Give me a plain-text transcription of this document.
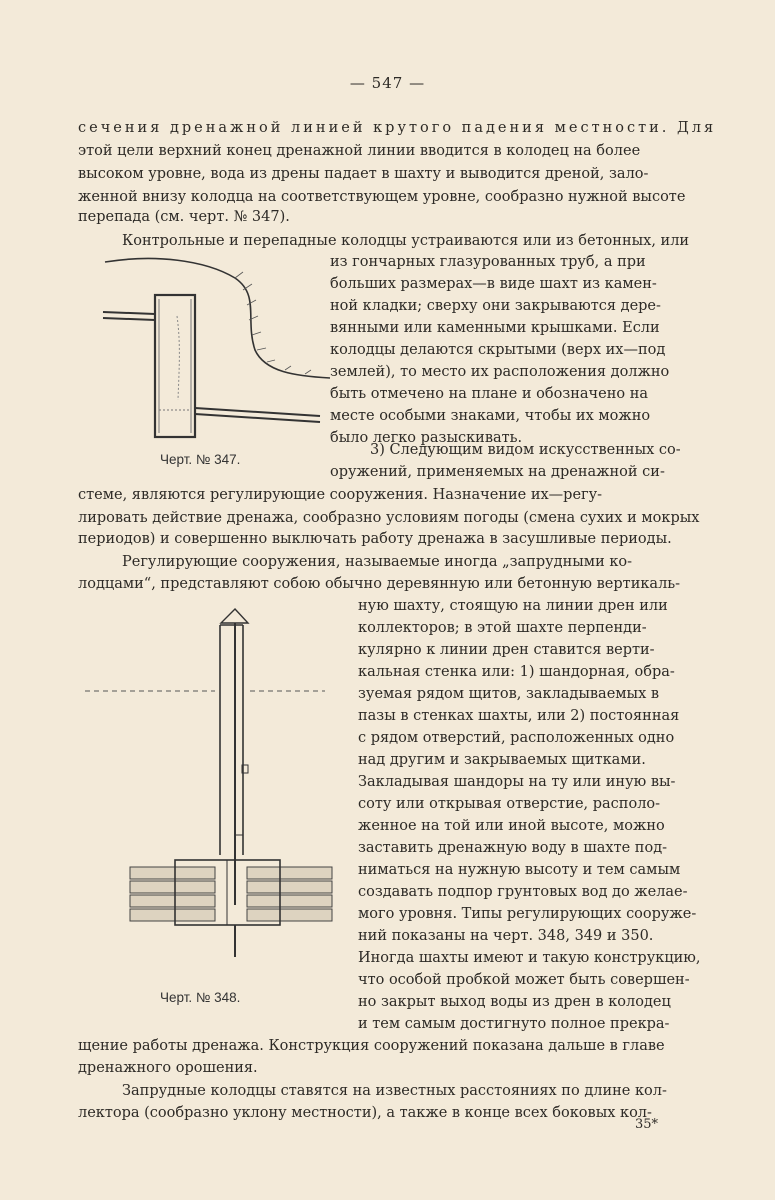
— 547 —
сечения дренажной линией крутого падения местности. Для
этой цели верхний конец дренажной линии вводится в колодец на более
высоком уровне, вода из дрены падает в шахту и выводится дреной, зало-
женной внизу колодца на соответствующем уровне, сообразно нужной высоте
перепада (см. черт. № 347).
Контрольные и перепадные колодцы устраиваются или из бетонных, или
из гончарных глазурованных труб, а при
больших размерах—в виде шахт из камен-
ной кладки; сверху они закрываются дере-
вянными или каменными крышками. Если
колодцы делаются скрытыми (верх их—под
землей), то место их расположения должно
быть отмечено на плане и обозначено на
месте особыми знаками, чтобы их можно
было легко разыскивать.
Черт. № 347.
3) Следующим видом искусственных со-
оружений, применяемых на дренажной си-
стеме, являются регулирующие сооружения. Назначение их—регу-
лировать действие дренажа, сообразно условиям погоды (смена сухих и мокрых
периодов) и совершенно выключать работу дренажа в засушливые периоды.
Регулирующие сооружения, называемые иногда „запрудными ко-
лодцами“, представляют собою обычно деревянную или бетонную вертикаль-
ную шахту, стоящую на линии дрен или
коллекторов; в этой шахте перпенди-
кулярно к линии дрен ставится верти-
кальная стенка или: 1) шандорная, обра-
зуемая рядом щитов, закладываемых в
пазы в стенках шахты, или 2) постоянная
с рядом отверстий, расположенных одно
над другим и закрываемых щитками.
Закладывая шандоры на ту или иную вы-
соту или открывая отверстие, располо-
женное на той или иной высоте, можно
заставить дренажную воду в шахте под-
ниматься на нужную высоту и тем самым
создавать подпор грунтовых вод до желае-
мого уровня. Типы регулирующих сооруже-
ний показаны на черт. 348, 349 и 350.
Иногда шахты имеют и такую конструкцию,
что особой пробкой может быть совершен-
но закрыт выход воды из дрен в колодец
и тем самым достигнуто полное прекра-
щение работы дренажа. Конструкция сооружений показана дальше в главе
дренажного орошения.
Черт. № 348.
Запрудные колодцы ставятся на известных расстояниях по длине кол-
лектора (сообразно уклону местности), а также в конце всех боковых кол-
35*
